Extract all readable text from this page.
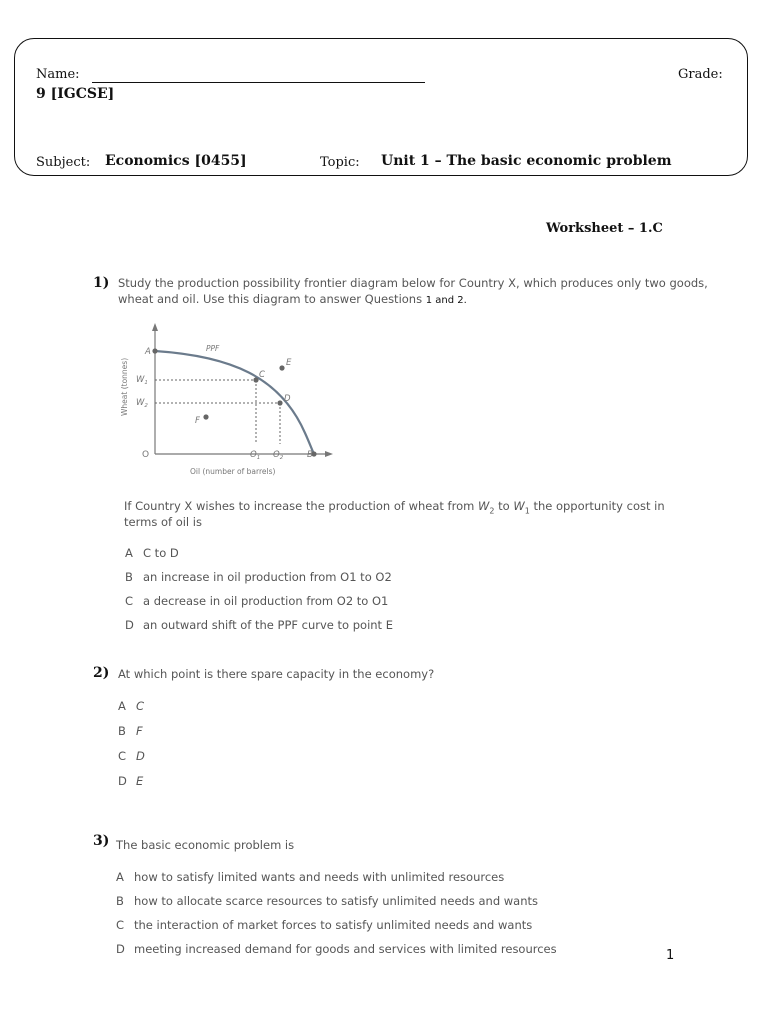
Name:	Grade:
9 [IGCSE]
Subject: Economics [0455]	Topic: Unit 1 – The basic economic problem
Worksheet – 1.C
1) Study the production possibility frontier diagram below for Country X, which produces only two goods,
wheat and oil. Use this diagram to answer Questions 1 and 2.
A	PPF
C
E
D
F
$W_1$
$W_2$
$O_1$ $O_2$	B
O
Oil (number of barrels)
Wheat (tonnes)
If Country X wishes to increase the production of wheat from $W_2$ to $W_1$ the opportunity cost in
terms of oil is
A C to D
B an increase in oil production from O1 to O2
C a decrease in oil production from O2 to O1
D an outward shift of the PPF curve to point E
2) At which point is there spare capacity in the economy?
A C
B F
C D
D E
3) The basic economic problem is
A how to satisfy limited wants and needs with unlimited resources
B how to allocate scarce resources to satisfy unlimited needs and wants
C the interaction of market forces to satisfy unlimited needs and wants
D meeting increased demand for goods and services with limited resources	1
